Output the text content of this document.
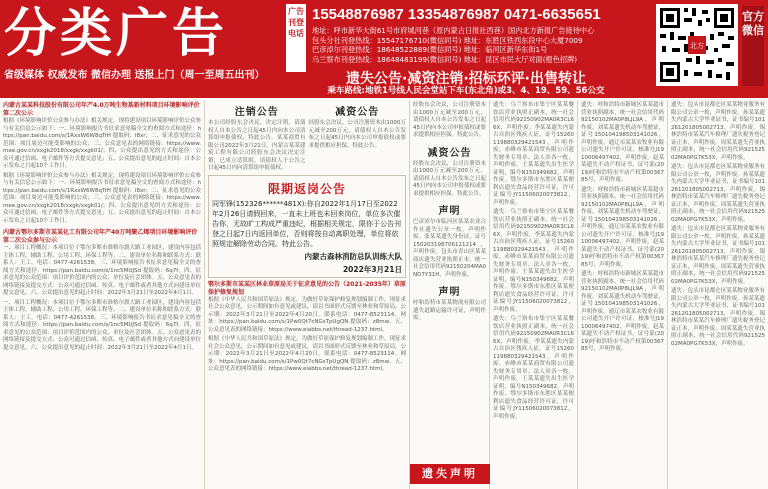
分类广告
省级媒体 权威发布 微信办理 送报上门（周一至周五出刊）
广告刊登电话
15548876987 13354876987 0471-6635651
地址：呼市新华大街61号市府城河巷（原内蒙古日报社西巷）国内北方新报广告接待中心
包头分社刊登热线：15547176710(微信同号) 地址：东胜区铁西东段中心大厦7009
巴彦淖尔刊登热线：18648522889(微信同号) 地址：临河区新华东街1号
乌兰察布刊登热线：18648483199(微信同号) 地址：昆区市民大厅对面(橙色招牌)
遗失公告·减资注销·招标环评·出售转让
乘车路线:地铁1号线人民会堂站下车(东北角)或3、4、19、59、56公交
北方
官方微信
内蒙古某某科技股份有限公司年产4.0万吨生物基新材料项目环境影响评价第二次公示
根据《环境影响评价公众参与办法》相关规定，现将建设项目环境影响评价公众参与有关信息公示如下：一、环境影响报告书征求意见稿全文的查阅方式和途径：https://pan.baidu.com/s/1RxxW6W8qTrH 提取码：l8xr；二、征求意见的公众范围：项目周边可能受影响的公众；三、公众意见表的网络链接：https://www.mee.gov.cn/xxgk2018/xxgk/xxgk01/；四、公众提出意见的方式和途径：公众可通过信函、电子邮件等方式提交意见；五、公众提出意见的起止时间：自本公示发布之日起10个工作日。
根据《环境影响评价公众参与办法》相关规定，现将建设项目环境影响评价公众参与有关信息公示如下：一、环境影响报告书征求意见稿全文的查阅方式和途径：https://pan.baidu.com/s/1RxxW6W8qTrH 提取码：l8xr；二、征求意见的公众范围：项目周边可能受影响的公众；三、公众意见表的网络链接：https://www.mee.gov.cn/xxgk2018/xxgk/xxgk01/；四、公众提出意见的方式和途径：公众可通过信函、电子邮件等方式提交意见；五、公众提出意见的起止时间：自本公示发布之日起10个工作日。
内蒙古鄂尔多斯市某某化工有限公司年产40万吨聚乙烯项目环境影响评价第二次公众参与公示
一、项目工程概况：本项目位于鄂尔多斯市准格尔旗大路工业园区，建设内容包括主体工程、辅助工程、公用工程、环保工程等。二、建设单位名称和联系方式：联系人：王工，电话：0477-4261538。三、环境影响报告书征求意见稿全文的查阅方式和途径：https://pan.baidu.com/s/1nc5MUJSd 提取码：6q7f。四、征求意见的公众范围：项目评价范围内的公众、单位及社会团体。五、公众意见表的网络链接及提交方式：公众可通过信函、传真、电子邮件或者其他方式向建设单位提交意见。六、公众提出意见的起止时间：2022年3月21日至2022年4月1日。
一、项目工程概况：本项目位于鄂尔多斯市准格尔旗大路工业园区，建设内容包括主体工程、辅助工程、公用工程、环保工程等。二、建设单位名称和联系方式：联系人：王工，电话：0477-4261538。三、环境影响报告书征求意见稿全文的查阅方式和途径：https://pan.baidu.com/s/1nc5MUJSd 提取码：6q7f。四、征求意见的公众范围：项目评价范围内的公众、单位及社会团体。五、公众意见表的网络链接及提交方式：公众可通过信函、传真、电子邮件或者其他方式向建设单位提交意见。六、公众提出意见的起止时间：2022年3月21日至2022年4月1日。
注销公告
本公司经股东会决议，决定注销，请债权人自本公告之日起45日内向本公司清算组申报债权，特此公告。某某商贸有限公司2022年3月21日。内蒙古某某建筑工程有限公司经股东会决议决定注销，已成立清算组，请债权人于公告之日起45日内向清算组申报债权。
减资公告
经股东会决议，公司注册资本由1000万元减至200万元，请债权人自本公告发布之日起45日内向本公司申报债权或要求提供相应担保。特此公告。
限期返岗公告
同军锋(152326******481X):你自2022年1月17日至2022年2月26日请假回来，一直未上班也未回来岗位，单位多次催告你，无故旷工构成严重违纪，根据相关规定，限你于公告刊登之日起7日内返回单位，否则将按自动离职处理，单位将依照规定解除劳动合同。特此公告。
内蒙古森林消防总队训练大队
2022年3月21日
鄂尔多斯市某某区林业草原局关于征求意见的公告（2021-2035年）草原保护修复规划
根据《中华人民共和国草原法》规定，为做好草原保护修复规划编制工作，现征求社会公众意见，公示期间如有意见或建议，请以书面形式反馈至林业和草原局。公示期：2022年3月21日至2022年4月20日。联系电话：0477-8523114。网址：https://pan.baidu.com/s/1Pw0Qt7cNGsTpUgQN 提取码：z8mw。五、公众意见表的网络链接：https://www.eiabbs.net/thread-1237.html。
根据《中华人民共和国草原法》规定，为做好草原保护修复规划编制工作，现征求社会公众意见，公示期间如有意见或建议，请以书面形式反馈至林业和草原局。公示期：2022年3月21日至2022年4月20日。联系电话：0477-8523114。网址：https://pan.baidu.com/s/1Pw0Qt7cNGsTpUgQN 提取码：z8mw。五、公众意见表的网络链接：https://www.eiabbs.net/thread-1237.html。
经股东会决议，公司注册资本由1000万元减至200万元，请债权人自本公告发布之日起45日内向本公司申报债权或要求提供相应担保。特此公告。
减资公告
经股东会决议，公司注册资本由1000万元减至200万元，请债权人自本公告发布之日起45日内向本公司申报债权或要求提供相应担保。特此公告。
声明
巴彦淖尔市临河区某某农业合作社遗失公章一枚，声明作废。张某某遗失身份证，证号150203198706121214，声明作废。包头市青山区某某商店遗失营业执照正本，统一社会信用代码92150204MA0ND7Y31H，声明作废。
声明
呼和浩特市某某物流有限公司遗失道路运输许可证，声明作废。
遗失：乌兰察布市集宁区某某餐饮店营业执照正副本，统一社会信用代码92150902MA0R3CL66X，声明作废。李某某遗失内蒙古自治区残疾人证，证号15260119880329421543，声明作废。赤峰市某某商贸有限公司遗失财务专用章、法人章各一枚，声明作废。王某某遗失出生医学证明，编号N150349682，声明作废。鄂尔多斯市东胜区某某便利店遗失食品经营许可证，许可证编号JY11506020073812，声明作废。
遗失：乌兰察布市集宁区某某餐饮店营业执照正副本，统一社会信用代码92150902MA0R3CL66X，声明作废。李某某遗失内蒙古自治区残疾人证，证号15260119880329421543，声明作废。赤峰市某某商贸有限公司遗失财务专用章、法人章各一枚，声明作废。王某某遗失出生医学证明，编号N150349682，声明作废。鄂尔多斯市东胜区某某便利店遗失食品经营许可证，许可证编号JY11506020073812，声明作废。
遗失：乌兰察布市集宁区某某餐饮店营业执照正副本，统一社会信用代码92150902MA0R3CL66X，声明作废。李某某遗失内蒙古自治区残疾人证，证号15260119880329421543，声明作废。赤峰市某某商贸有限公司遗失财务专用章、法人章各一枚，声明作废。王某某遗失出生医学证明，编号N150349682，声明作废。鄂尔多斯市东胜区某某便利店遗失食品经营许可证，许可证编号JY11506020073812，声明作废。
遗失：呼和浩特市新城区某某超市营业执照副本，统一社会信用代码92150102MA0P8LJL9A，声明作废。刘某某遗失机动车驾驶证，证号150104198503141026，声明作废。通辽市某某农牧业有限公司遗失开户许可证，核准号J1910006497402，声明作废。赵某某遗失不动产权证书，证号蒙(2019)呼和浩特市不动产权第0036785号，声明作废。
遗失：呼和浩特市新城区某某超市营业执照副本，统一社会信用代码92150102MA0P8LJL9A，声明作废。刘某某遗失机动车驾驶证，证号150104198503141026，声明作废。通辽市某某农牧业有限公司遗失开户许可证，核准号J1910006497402，声明作废。赵某某遗失不动产权证书，证号蒙(2019)呼和浩特市不动产权第0036785号，声明作废。
遗失：呼和浩特市新城区某某超市营业执照副本，统一社会信用代码92150102MA0P8LJL9A，声明作废。刘某某遗失机动车驾驶证，证号150104198503141026，声明作废。通辽市某某农牧业有限公司遗失开户许可证，核准号J1910006497402，声明作废。赵某某遗失不动产权证书，证号蒙(2019)呼和浩特市不动产权第0036785号，声明作废。
遗失：包头市昆都仑区某某物业服务有限公司公章一枚，声明作废。孙某某遗失内蒙古大学毕业证书，证书编号101261201805002713，声明作废。锡林浩特市某某汽车修理厂遗失税务登记证正本，声明作废。周某某遗失营业执照正副本，统一社会信用代码92152502MA0PG7K53X，声明作废。
遗失：包头市昆都仑区某某物业服务有限公司公章一枚，声明作废。孙某某遗失内蒙古大学毕业证书，证书编号101261201805002713，声明作废。锡林浩特市某某汽车修理厂遗失税务登记证正本，声明作废。周某某遗失营业执照正副本，统一社会信用代码92152502MA0PG7K53X，声明作废。
遗失：包头市昆都仑区某某物业服务有限公司公章一枚，声明作废。孙某某遗失内蒙古大学毕业证书，证书编号101261201805002713，声明作废。锡林浩特市某某汽车修理厂遗失税务登记证正本，声明作废。周某某遗失营业执照正副本，统一社会信用代码92152502MA0PG7K53X，声明作废。
遗失：包头市昆都仑区某某物业服务有限公司公章一枚，声明作废。孙某某遗失内蒙古大学毕业证书，证书编号101261201805002713，声明作废。锡林浩特市某某汽车修理厂遗失税务登记证正本，声明作废。周某某遗失营业执照正副本，统一社会信用代码92152502MA0PG7K53X，声明作废。
遗失声明
